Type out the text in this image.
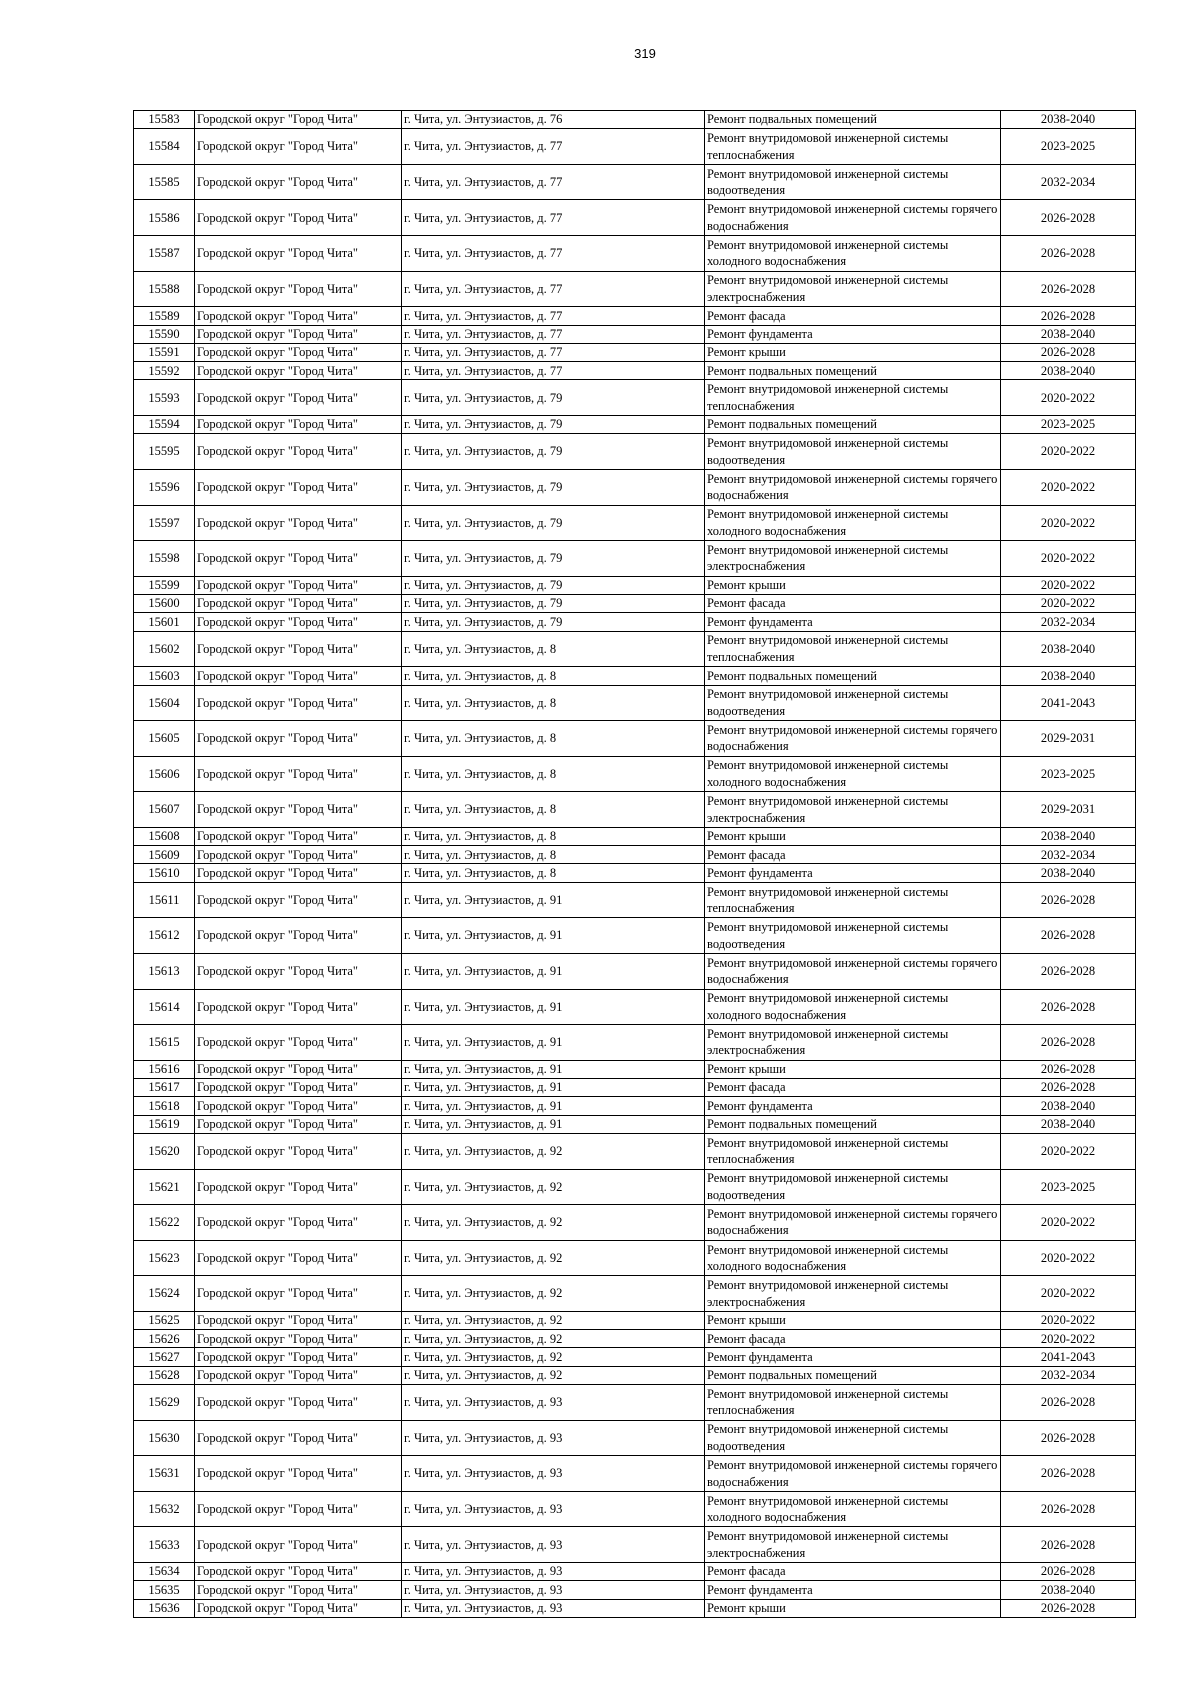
319
15583	Городской округ "Город Чита"	г. Чита, ул. Энтузиастов, д. 76	Ремонт подвальных помещений	2038-2040
15584	Городской округ "Город Чита"	г. Чита, ул. Энтузиастов, д. 77	Ремонт внутридомовой инженерной системы теплоснабжения	2023-2025
15585	Городской округ "Город Чита"	г. Чита, ул. Энтузиастов, д. 77	Ремонт внутридомовой инженерной системы водоотведения	2032-2034
15586	Городской округ "Город Чита"	г. Чита, ул. Энтузиастов, д. 77	Ремонт внутридомовой инженерной системы горячего водоснабжения	2026-2028
15587	Городской округ "Город Чита"	г. Чита, ул. Энтузиастов, д. 77	Ремонт внутридомовой инженерной системы холодного водоснабжения	2026-2028
15588	Городской округ "Город Чита"	г. Чита, ул. Энтузиастов, д. 77	Ремонт внутридомовой инженерной системы электроснабжения	2026-2028
15589	Городской округ "Город Чита"	г. Чита, ул. Энтузиастов, д. 77	Ремонт фасада	2026-2028
15590	Городской округ "Город Чита"	г. Чита, ул. Энтузиастов, д. 77	Ремонт фундамента	2038-2040
15591	Городской округ "Город Чита"	г. Чита, ул. Энтузиастов, д. 77	Ремонт крыши	2026-2028
15592	Городской округ "Город Чита"	г. Чита, ул. Энтузиастов, д. 77	Ремонт подвальных помещений	2038-2040
15593	Городской округ "Город Чита"	г. Чита, ул. Энтузиастов, д. 79	Ремонт внутридомовой инженерной системы теплоснабжения	2020-2022
15594	Городской округ "Город Чита"	г. Чита, ул. Энтузиастов, д. 79	Ремонт подвальных помещений	2023-2025
15595	Городской округ "Город Чита"	г. Чита, ул. Энтузиастов, д. 79	Ремонт внутридомовой инженерной системы водоотведения	2020-2022
15596	Городской округ "Город Чита"	г. Чита, ул. Энтузиастов, д. 79	Ремонт внутридомовой инженерной системы горячего водоснабжения	2020-2022
15597	Городской округ "Город Чита"	г. Чита, ул. Энтузиастов, д. 79	Ремонт внутридомовой инженерной системы холодного водоснабжения	2020-2022
15598	Городской округ "Город Чита"	г. Чита, ул. Энтузиастов, д. 79	Ремонт внутридомовой инженерной системы электроснабжения	2020-2022
15599	Городской округ "Город Чита"	г. Чита, ул. Энтузиастов, д. 79	Ремонт крыши	2020-2022
15600	Городской округ "Город Чита"	г. Чита, ул. Энтузиастов, д. 79	Ремонт фасада	2020-2022
15601	Городской округ "Город Чита"	г. Чита, ул. Энтузиастов, д. 79	Ремонт фундамента	2032-2034
15602	Городской округ "Город Чита"	г. Чита, ул. Энтузиастов, д. 8	Ремонт внутридомовой инженерной системы теплоснабжения	2038-2040
15603	Городской округ "Город Чита"	г. Чита, ул. Энтузиастов, д. 8	Ремонт подвальных помещений	2038-2040
15604	Городской округ "Город Чита"	г. Чита, ул. Энтузиастов, д. 8	Ремонт внутридомовой инженерной системы водоотведения	2041-2043
15605	Городской округ "Город Чита"	г. Чита, ул. Энтузиастов, д. 8	Ремонт внутридомовой инженерной системы горячего водоснабжения	2029-2031
15606	Городской округ "Город Чита"	г. Чита, ул. Энтузиастов, д. 8	Ремонт внутридомовой инженерной системы холодного водоснабжения	2023-2025
15607	Городской округ "Город Чита"	г. Чита, ул. Энтузиастов, д. 8	Ремонт внутридомовой инженерной системы электроснабжения	2029-2031
15608	Городской округ "Город Чита"	г. Чита, ул. Энтузиастов, д. 8	Ремонт крыши	2038-2040
15609	Городской округ "Город Чита"	г. Чита, ул. Энтузиастов, д. 8	Ремонт фасада	2032-2034
15610	Городской округ "Город Чита"	г. Чита, ул. Энтузиастов, д. 8	Ремонт фундамента	2038-2040
15611	Городской округ "Город Чита"	г. Чита, ул. Энтузиастов, д. 91	Ремонт внутридомовой инженерной системы теплоснабжения	2026-2028
15612	Городской округ "Город Чита"	г. Чита, ул. Энтузиастов, д. 91	Ремонт внутридомовой инженерной системы водоотведения	2026-2028
15613	Городской округ "Город Чита"	г. Чита, ул. Энтузиастов, д. 91	Ремонт внутридомовой инженерной системы горячего водоснабжения	2026-2028
15614	Городской округ "Город Чита"	г. Чита, ул. Энтузиастов, д. 91	Ремонт внутридомовой инженерной системы холодного водоснабжения	2026-2028
15615	Городской округ "Город Чита"	г. Чита, ул. Энтузиастов, д. 91	Ремонт внутридомовой инженерной системы электроснабжения	2026-2028
15616	Городской округ "Город Чита"	г. Чита, ул. Энтузиастов, д. 91	Ремонт крыши	2026-2028
15617	Городской округ "Город Чита"	г. Чита, ул. Энтузиастов, д. 91	Ремонт фасада	2026-2028
15618	Городской округ "Город Чита"	г. Чита, ул. Энтузиастов, д. 91	Ремонт фундамента	2038-2040
15619	Городской округ "Город Чита"	г. Чита, ул. Энтузиастов, д. 91	Ремонт подвальных помещений	2038-2040
15620	Городской округ "Город Чита"	г. Чита, ул. Энтузиастов, д. 92	Ремонт внутридомовой инженерной системы теплоснабжения	2020-2022
15621	Городской округ "Город Чита"	г. Чита, ул. Энтузиастов, д. 92	Ремонт внутридомовой инженерной системы водоотведения	2023-2025
15622	Городской округ "Город Чита"	г. Чита, ул. Энтузиастов, д. 92	Ремонт внутридомовой инженерной системы горячего водоснабжения	2020-2022
15623	Городской округ "Город Чита"	г. Чита, ул. Энтузиастов, д. 92	Ремонт внутридомовой инженерной системы холодного водоснабжения	2020-2022
15624	Городской округ "Город Чита"	г. Чита, ул. Энтузиастов, д. 92	Ремонт внутридомовой инженерной системы электроснабжения	2020-2022
15625	Городской округ "Город Чита"	г. Чита, ул. Энтузиастов, д. 92	Ремонт крыши	2020-2022
15626	Городской округ "Город Чита"	г. Чита, ул. Энтузиастов, д. 92	Ремонт фасада	2020-2022
15627	Городской округ "Город Чита"	г. Чита, ул. Энтузиастов, д. 92	Ремонт фундамента	2041-2043
15628	Городской округ "Город Чита"	г. Чита, ул. Энтузиастов, д. 92	Ремонт подвальных помещений	2032-2034
15629	Городской округ "Город Чита"	г. Чита, ул. Энтузиастов, д. 93	Ремонт внутридомовой инженерной системы теплоснабжения	2026-2028
15630	Городской округ "Город Чита"	г. Чита, ул. Энтузиастов, д. 93	Ремонт внутридомовой инженерной системы водоотведения	2026-2028
15631	Городской округ "Город Чита"	г. Чита, ул. Энтузиастов, д. 93	Ремонт внутридомовой инженерной системы горячего водоснабжения	2026-2028
15632	Городской округ "Город Чита"	г. Чита, ул. Энтузиастов, д. 93	Ремонт внутридомовой инженерной системы холодного водоснабжения	2026-2028
15633	Городской округ "Город Чита"	г. Чита, ул. Энтузиастов, д. 93	Ремонт внутридомовой инженерной системы электроснабжения	2026-2028
15634	Городской округ "Город Чита"	г. Чита, ул. Энтузиастов, д. 93	Ремонт фасада	2026-2028
15635	Городской округ "Город Чита"	г. Чита, ул. Энтузиастов, д. 93	Ремонт фундамента	2038-2040
15636	Городской округ "Город Чита"	г. Чита, ул. Энтузиастов, д. 93	Ремонт крыши	2026-2028
